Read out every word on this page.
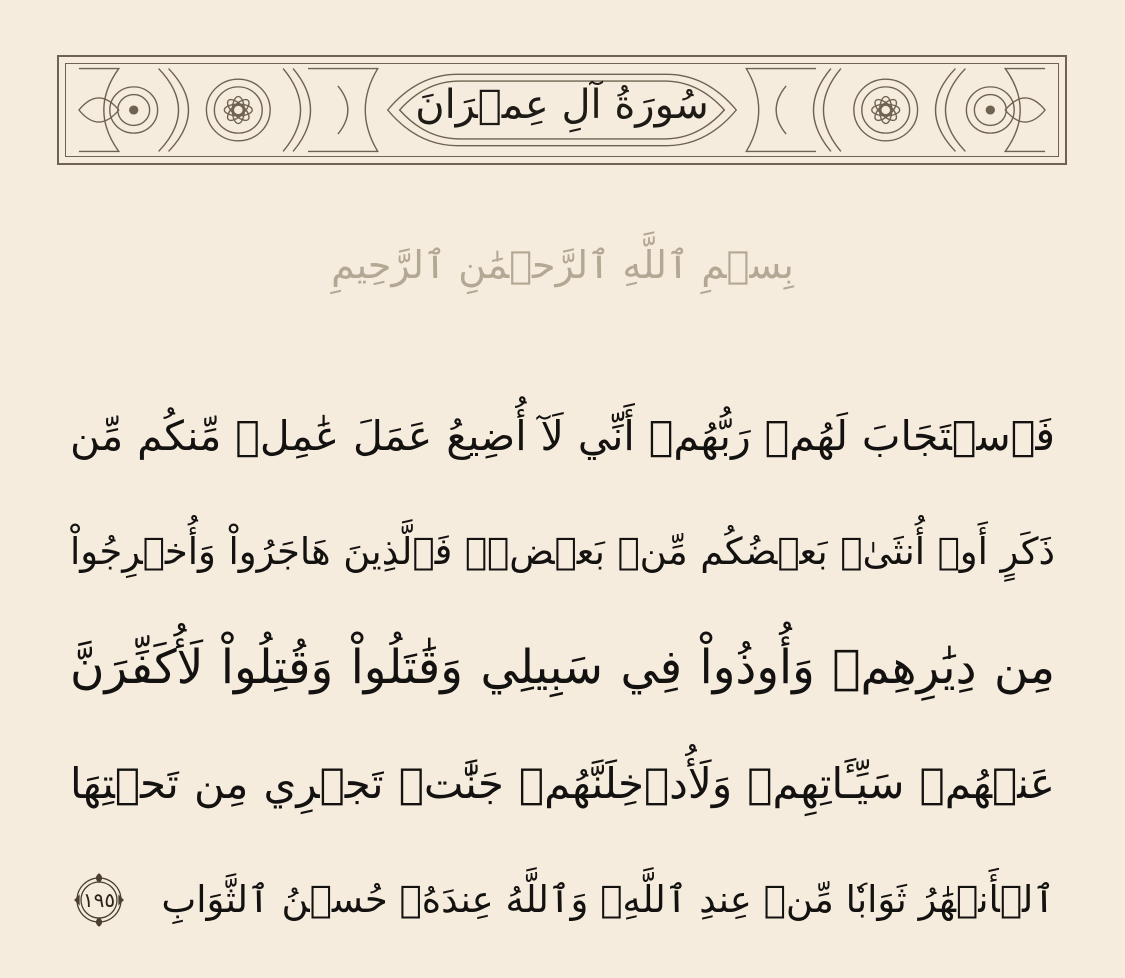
سُورَةُ آلِ عِمۡرَانَ
بِسۡمِ ٱللَّهِ ٱلرَّحۡمَٰنِ ٱلرَّحِيمِ
فَٱسۡتَجَابَ لَهُمۡ رَبُّهُمۡ أَنِّي لَآ أُضِيعُ عَمَلَ عَٰمِلٖ مِّنكُم مِّن
ذَكَرٍ أَوۡ أُنثَىٰۖ بَعۡضُكُم مِّنۢ بَعۡضٖۖ فَٱلَّذِينَ هَاجَرُواْ وَأُخۡرِجُواْ
مِن دِيَٰرِهِمۡ وَأُوذُواْ فِي سَبِيلِي وَقَٰتَلُواْ وَقُتِلُواْ لَأُكَفِّرَنَّ
عَنۡهُمۡ سَيِّـَٔاتِهِمۡ وَلَأُدۡخِلَنَّهُمۡ جَنَّٰتٖ تَجۡرِي مِن تَحۡتِهَا
ٱلۡأَنۡهَٰرُ ثَوَابٗا مِّنۡ عِندِ ٱللَّهِۚ وَٱللَّهُ عِندَهُۥ حُسۡنُ ٱلثَّوَابِ
١٩٥
